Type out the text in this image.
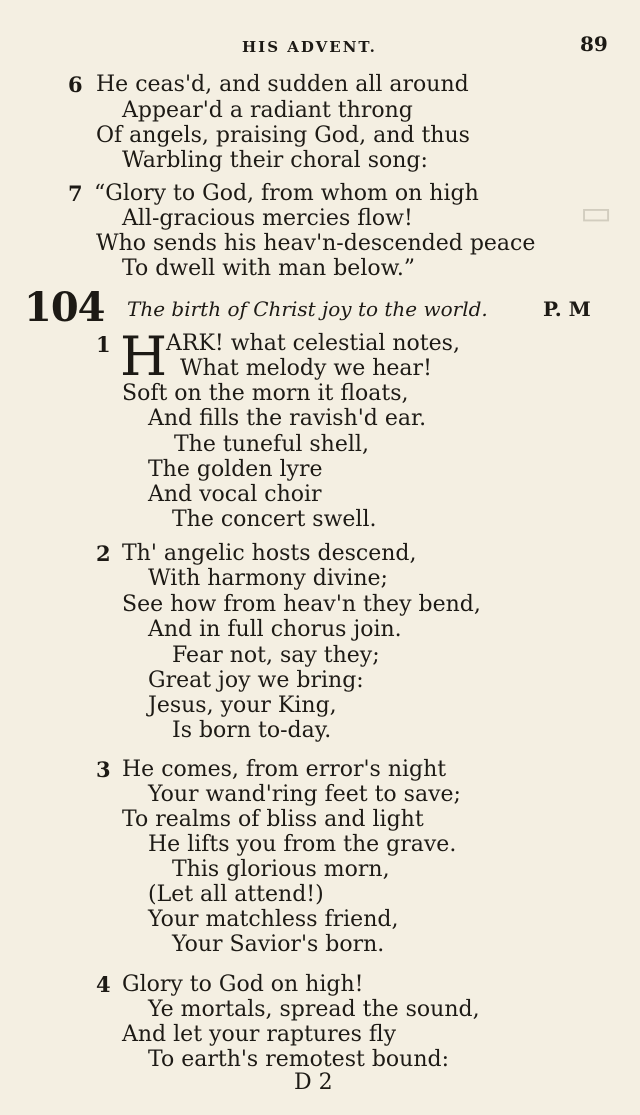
▭
HIS ADVENT.	89
6 He ceas'd, and sudden all around
Appear'd a radiant throng
Of angels, praising God, and thus
Warbling their choral song:
7 “Glory to God, from whom on high
All-gracious mercies flow!
Who sends his heav'n-descended peace
To dwell with man below.”
104 The birth of Christ joy to the world.	P. M
1 H
ARK! what celestial notes,
What melody we hear!
Soft on the morn it floats,
And fills the ravish'd ear.
The tuneful shell,
The golden lyre
And vocal choir
The concert swell.
2 Th' angelic hosts descend,
With harmony divine;
See how from heav'n they bend,
And in full chorus join.
Fear not, say they;
Great joy we bring:
Jesus, your King,
Is born to-day.
3 He comes, from error's night
Your wand'ring feet to save;
To realms of bliss and light
He lifts you from the grave.
This glorious morn,
(Let all attend!)
Your matchless friend,
Your Savior's born.
4 Glory to God on high!
Ye mortals, spread the sound,
And let your raptures fly
To earth's remotest bound:
D 2
